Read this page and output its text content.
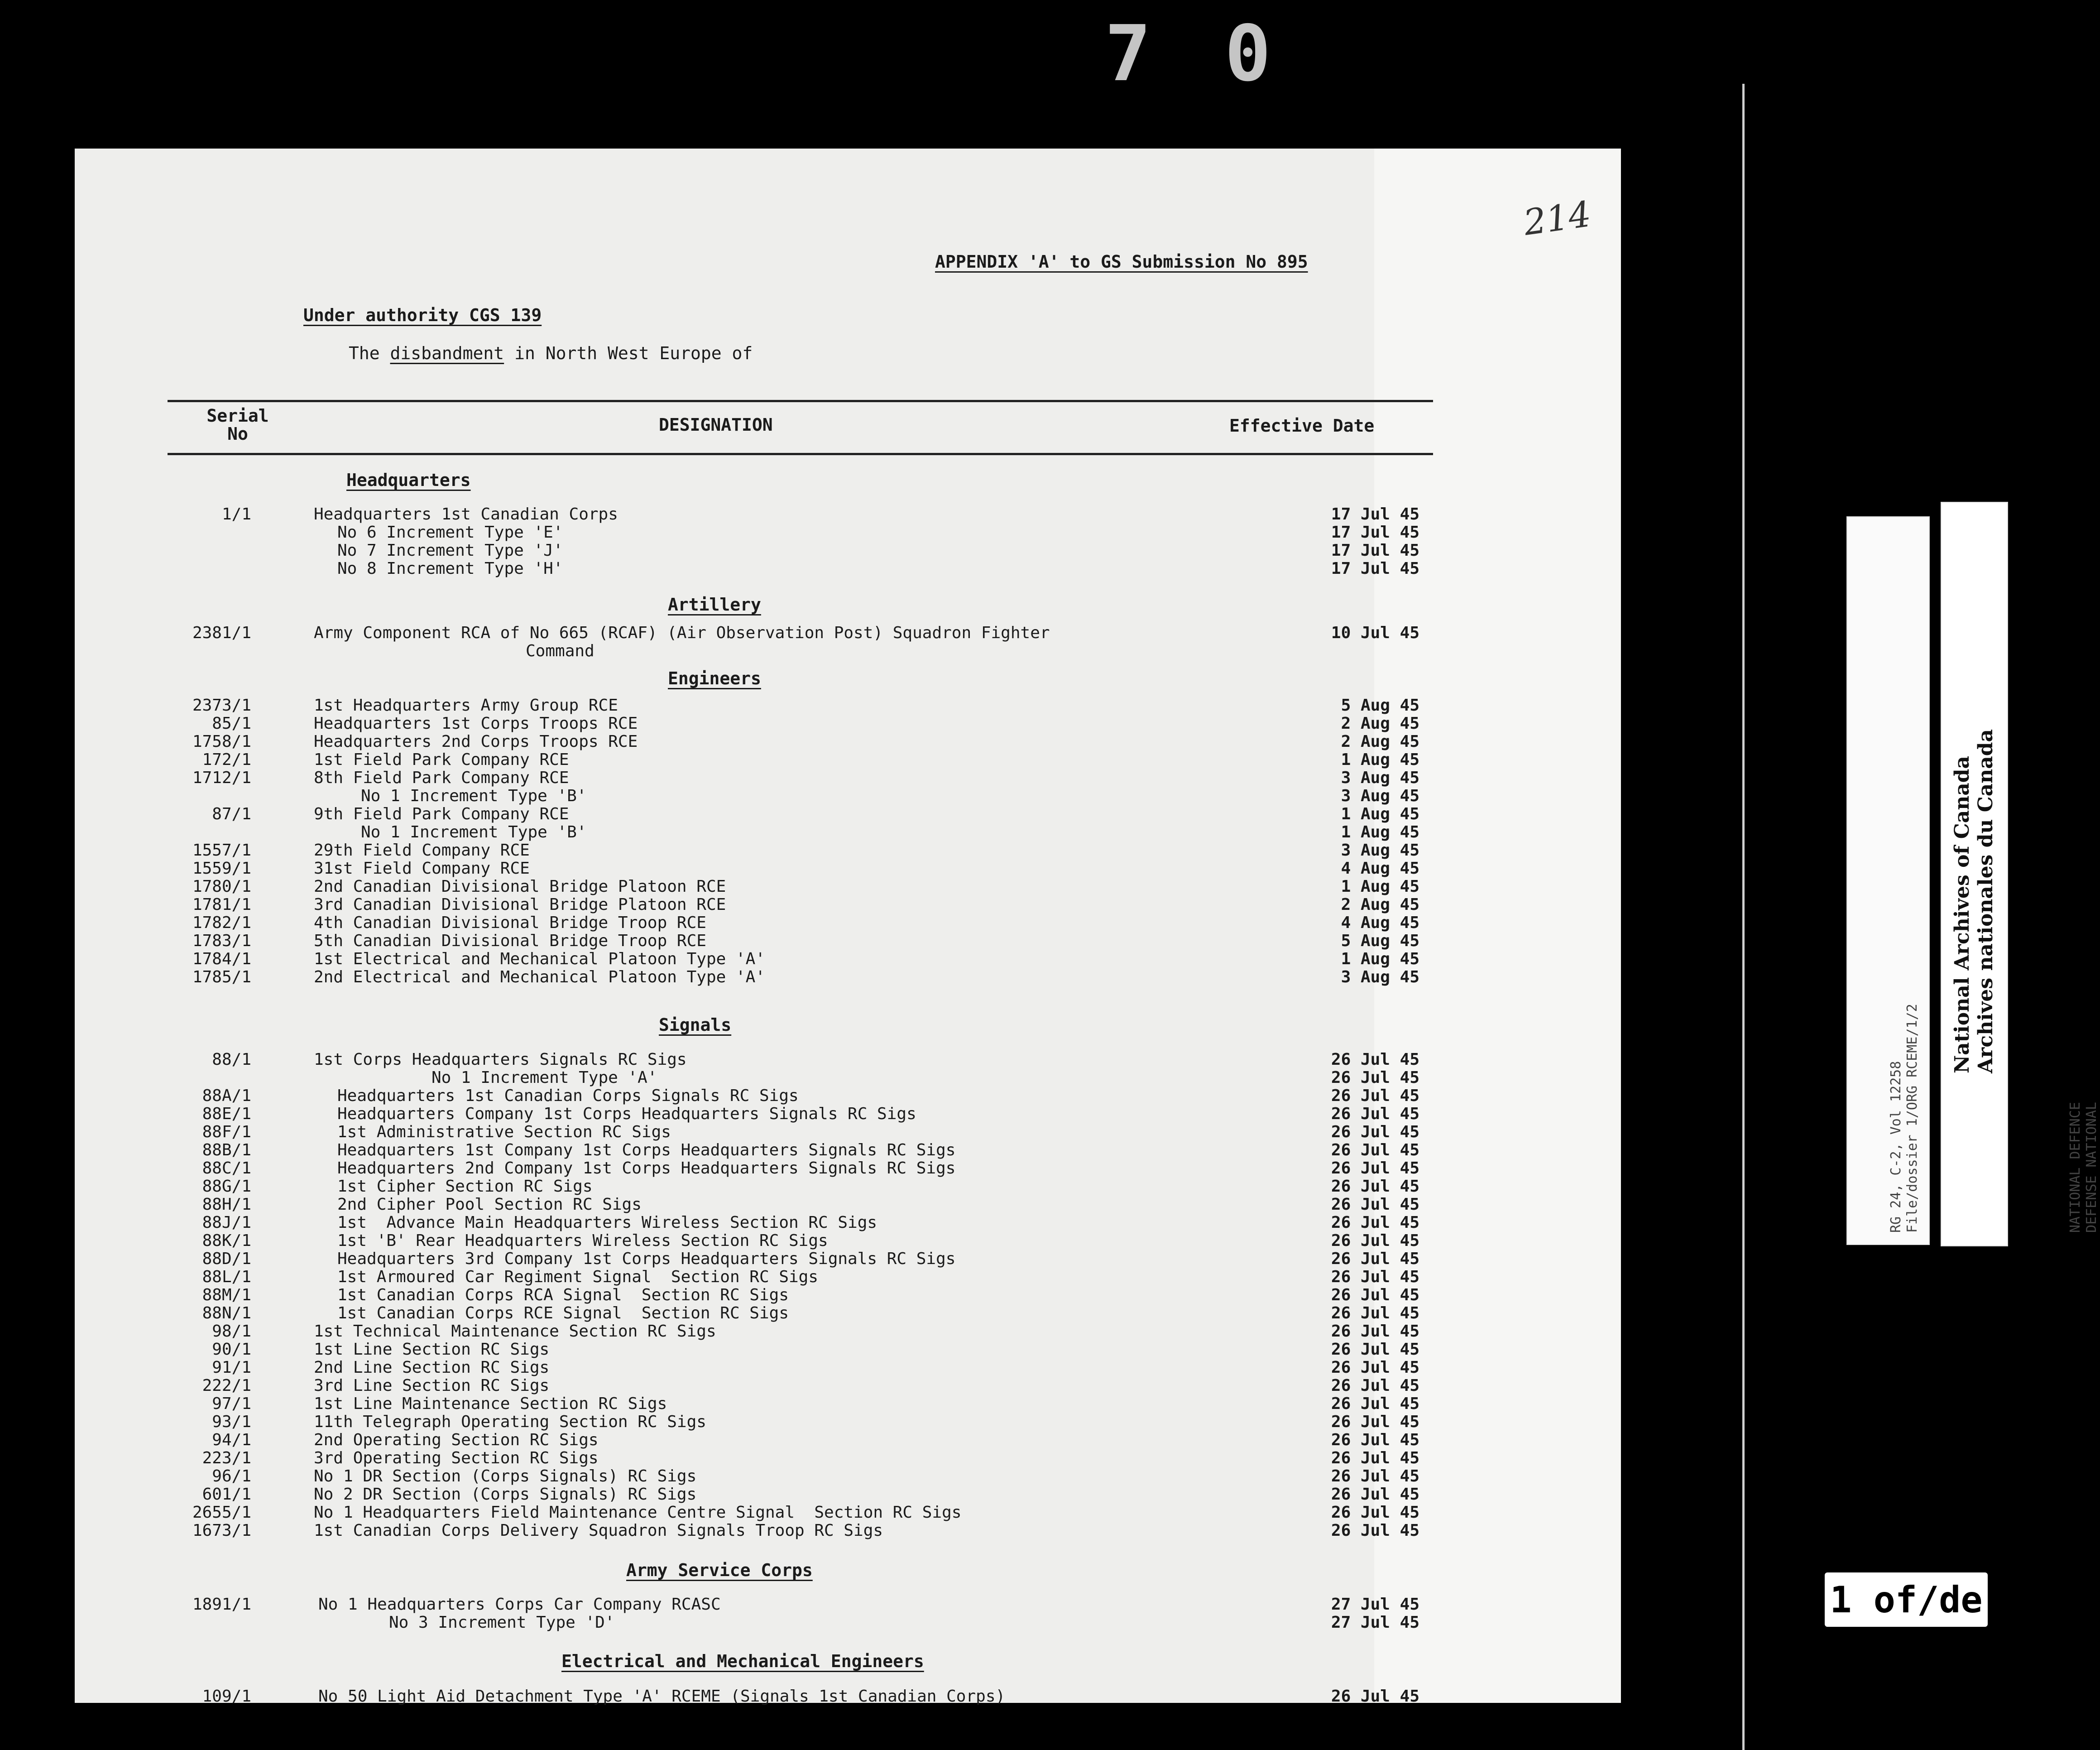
7 0
214
APPENDIX 'A' to GS Submission No 895
Under authority CGS 139
The disbandment in North West Europe of
Serial
No	DESIGNATION	Effective Date
Headquarters
Artillery
Engineers
Signals
Army Service Corps
Electrical and Mechanical Engineers
1/1	Headquarters 1st Canadian Corps	17 Jul 45
No 6 Increment Type 'E'	17 Jul 45
No 7 Increment Type 'J'	17 Jul 45
No 8 Increment Type 'H'	17 Jul 45
2381/1	Army Component RCA of No 665 (RCAF) (Air Observation Post) Squadron Fighter	10 Jul 45
Command
2373/1	1st Headquarters Army Group RCE	5 Aug 45
85/1	Headquarters 1st Corps Troops RCE	2 Aug 45
1758/1	Headquarters 2nd Corps Troops RCE	2 Aug 45
172/1	1st Field Park Company RCE	1 Aug 45
1712/1	8th Field Park Company RCE	3 Aug 45
No 1 Increment Type 'B'	3 Aug 45
87/1	9th Field Park Company RCE	1 Aug 45
No 1 Increment Type 'B'	1 Aug 45
1557/1	29th Field Company RCE	3 Aug 45
1559/1	31st Field Company RCE	4 Aug 45
1780/1	2nd Canadian Divisional Bridge Platoon RCE	1 Aug 45
1781/1	3rd Canadian Divisional Bridge Platoon RCE	2 Aug 45
1782/1	4th Canadian Divisional Bridge Troop RCE	4 Aug 45
1783/1	5th Canadian Divisional Bridge Troop RCE	5 Aug 45
1784/1	1st Electrical and Mechanical Platoon Type 'A'	1 Aug 45
1785/1	2nd Electrical and Mechanical Platoon Type 'A'	3 Aug 45
88/1	1st Corps Headquarters Signals RC Sigs	26 Jul 45
No 1 Increment Type 'A'	26 Jul 45
88A/1	Headquarters 1st Canadian Corps Signals RC Sigs	26 Jul 45
88E/1	Headquarters Company 1st Corps Headquarters Signals RC Sigs	26 Jul 45
88F/1	1st Administrative Section RC Sigs	26 Jul 45
88B/1	Headquarters 1st Company 1st Corps Headquarters Signals RC Sigs	26 Jul 45
88C/1	Headquarters 2nd Company 1st Corps Headquarters Signals RC Sigs	26 Jul 45
88G/1	1st Cipher Section RC Sigs	26 Jul 45
88H/1	2nd Cipher Pool Section RC Sigs	26 Jul 45
88J/1	1st  Advance Main Headquarters Wireless Section RC Sigs	26 Jul 45
88K/1	1st 'B' Rear Headquarters Wireless Section RC Sigs	26 Jul 45
88D/1	Headquarters 3rd Company 1st Corps Headquarters Signals RC Sigs	26 Jul 45
88L/1	1st Armoured Car Regiment Signal  Section RC Sigs	26 Jul 45
88M/1	1st Canadian Corps RCA Signal  Section RC Sigs	26 Jul 45
88N/1	1st Canadian Corps RCE Signal  Section RC Sigs	26 Jul 45
98/1	1st Technical Maintenance Section RC Sigs	26 Jul 45
90/1	1st Line Section RC Sigs	26 Jul 45
91/1	2nd Line Section RC Sigs	26 Jul 45
222/1	3rd Line Section RC Sigs	26 Jul 45
97/1	1st Line Maintenance Section RC Sigs	26 Jul 45
93/1	11th Telegraph Operating Section RC Sigs	26 Jul 45
94/1	2nd Operating Section RC Sigs	26 Jul 45
223/1	3rd Operating Section RC Sigs	26 Jul 45
96/1	No 1 DR Section (Corps Signals) RC Sigs	26 Jul 45
601/1	No 2 DR Section (Corps Signals) RC Sigs	26 Jul 45
2655/1	No 1 Headquarters Field Maintenance Centre Signal  Section RC Sigs	26 Jul 45
1673/1	1st Canadian Corps Delivery Squadron Signals Troop RC Sigs	26 Jul 45
1891/1	No 1 Headquarters Corps Car Company RCASC	27 Jul 45
No 3 Increment Type 'D'	27 Jul 45
109/1	No 50 Light Aid Detachment Type 'A' RCEME (Signals 1st Canadian Corps)	26 Jul 45
RG 24, C-2, Vol 12258
File/dossier 1/ORG RCEME/1/2

NATIONAL DEFENCE
DEFENSE NATIONAL
National Archives of Canada
Archives nationales du Canada
1 of/de
